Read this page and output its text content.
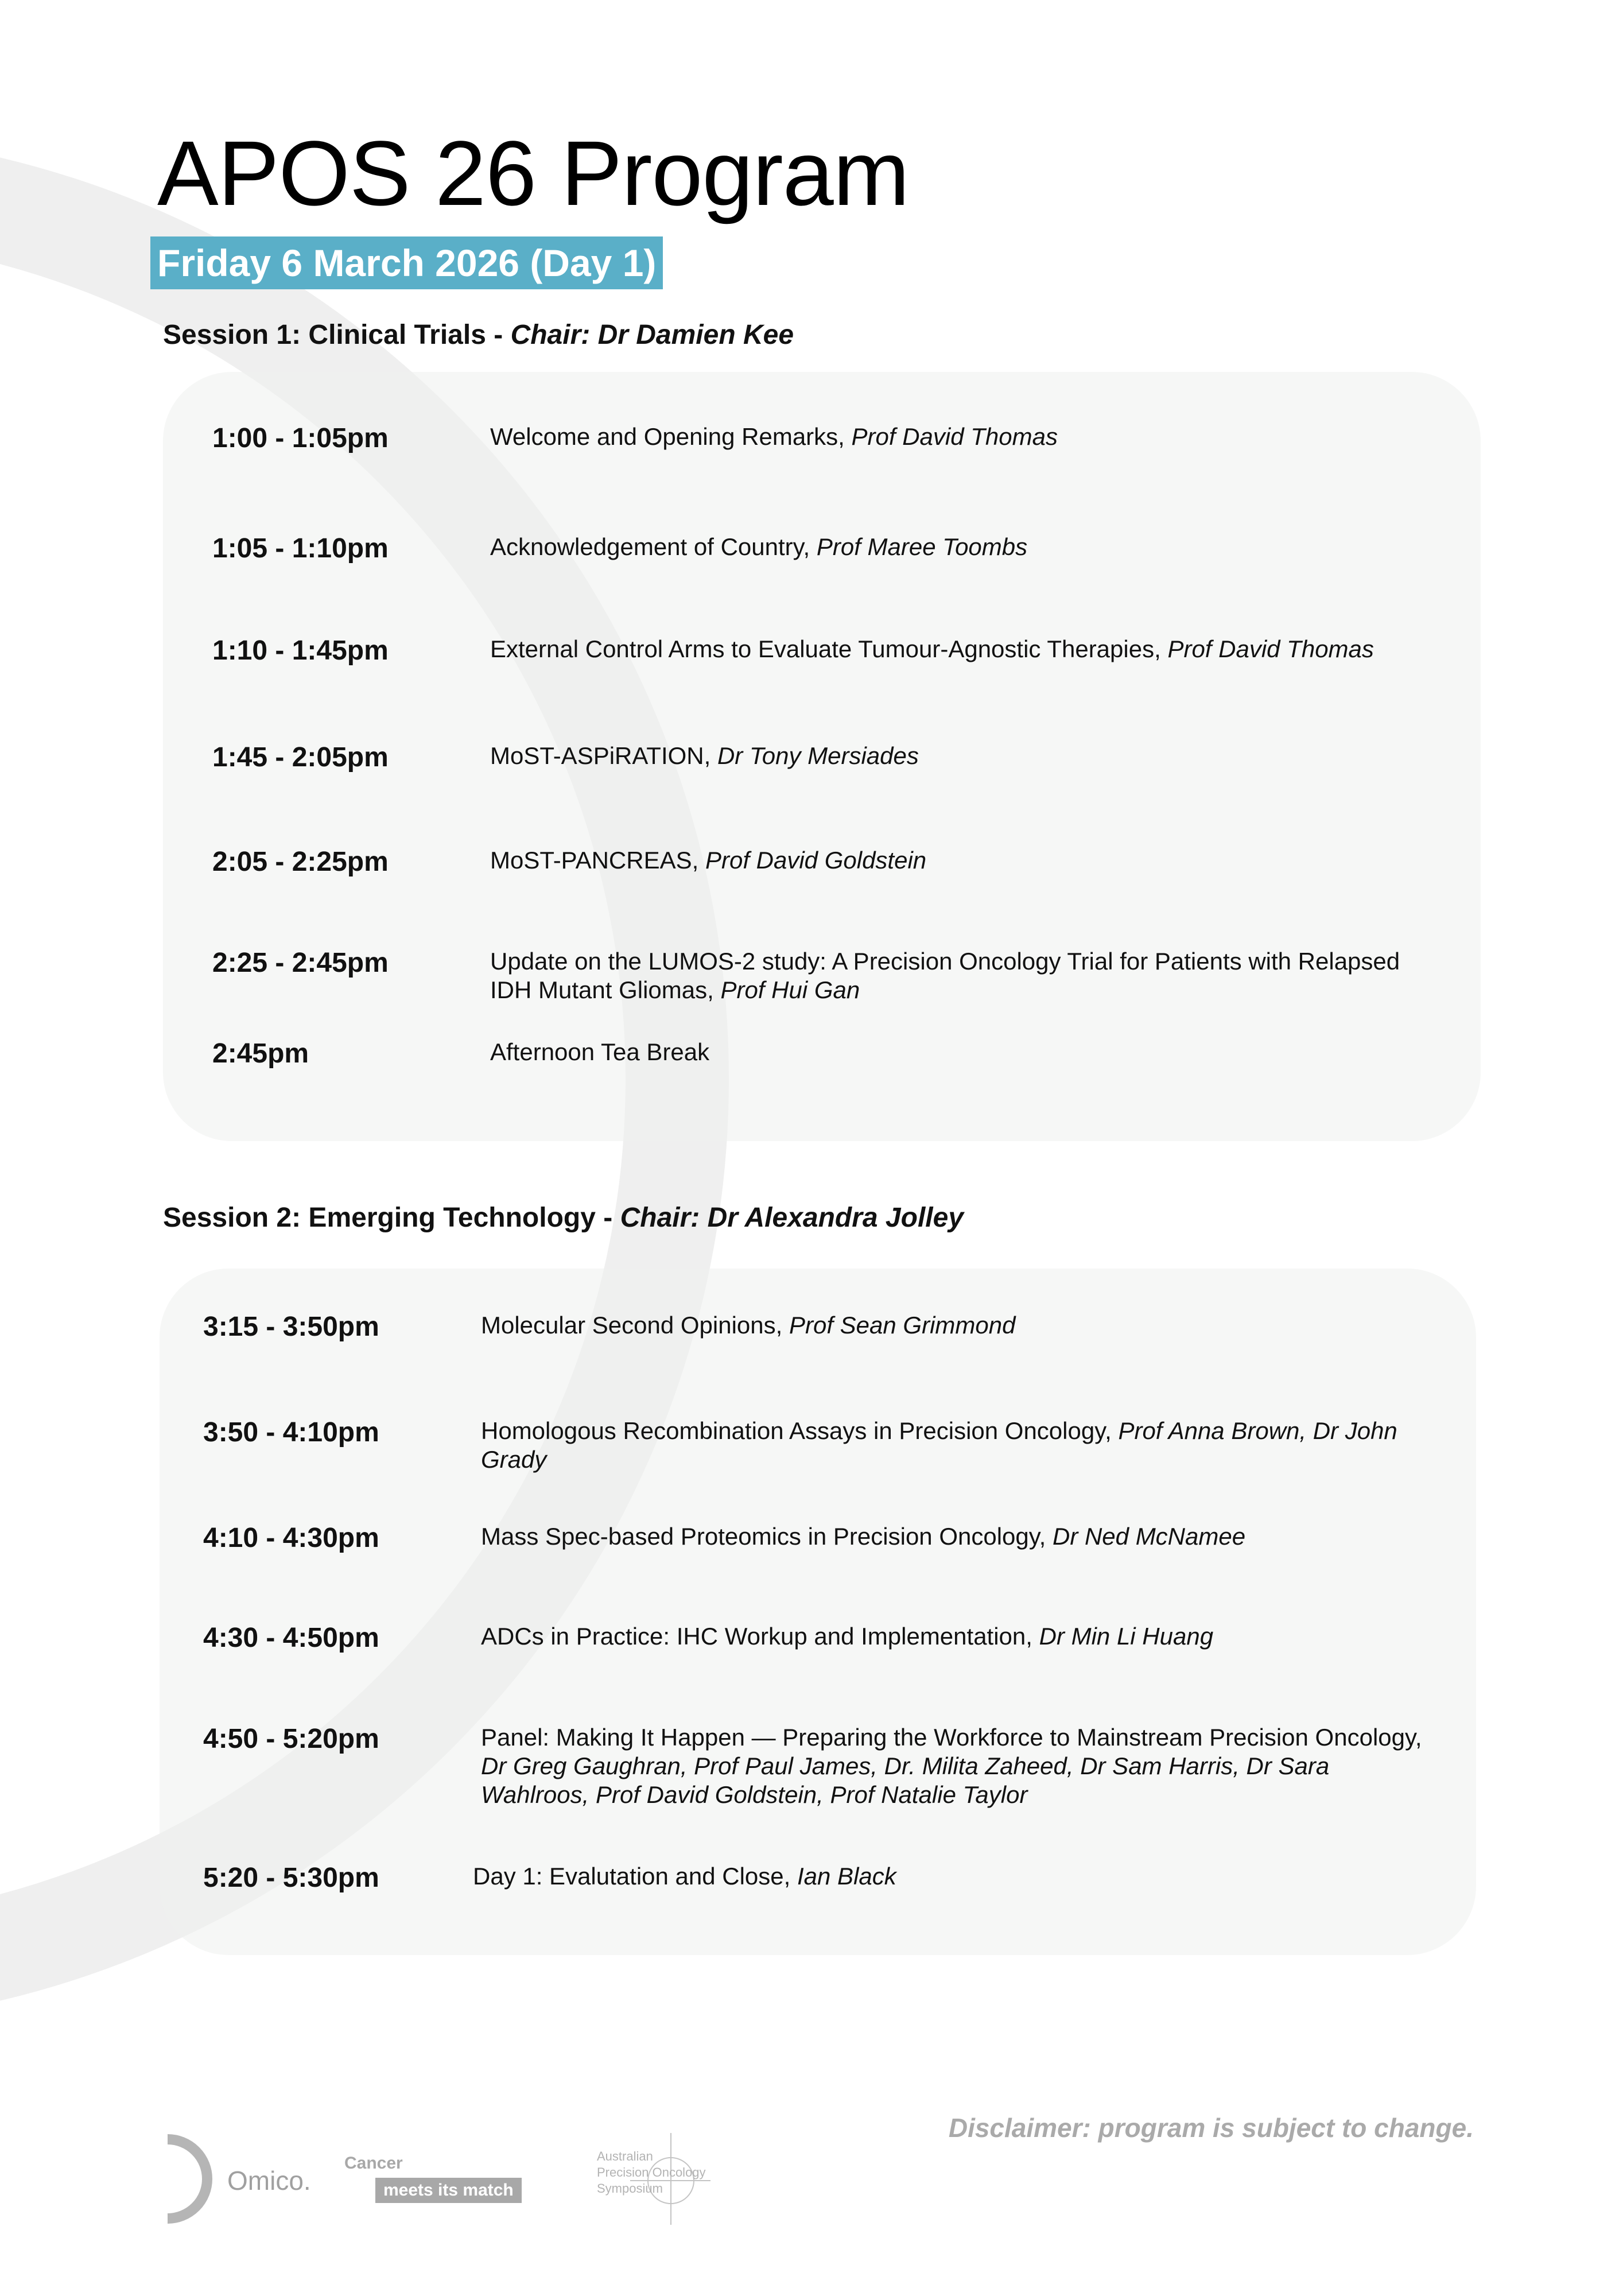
APOS 26 Program
Friday 6 March 2026 (Day 1)
Session 1: Clinical Trials - Chair: Dr Damien Kee
1:00 - 1:05pm	Welcome and Opening Remarks, Prof David Thomas
1:05 - 1:10pm	Acknowledgement of Country, Prof Maree Toombs
1:10 - 1:45pm	External Control Arms to Evaluate Tumour-Agnostic Therapies, Prof David Thomas
1:45 - 2:05pm	MoST-ASPiRATION, Dr Tony Mersiades
2:05 - 2:25pm	MoST-PANCREAS, Prof David Goldstein
2:25 - 2:45pm	Update on the LUMOS-2 study: A Precision Oncology Trial for Patients with Relapsed IDH Mutant Gliomas, Prof Hui Gan
2:45pm	Afternoon Tea Break
Session 2: Emerging Technology - Chair: Dr Alexandra Jolley
3:15 - 3:50pm	Molecular Second Opinions, Prof Sean Grimmond
3:50 - 4:10pm	Homologous Recombination Assays in Precision Oncology, Prof Anna Brown, Dr John Grady
4:10 - 4:30pm	Mass Spec-based Proteomics in Precision Oncology, Dr Ned McNamee
4:30 - 4:50pm	ADCs in Practice: IHC Workup and Implementation, Dr Min Li Huang
4:50 - 5:20pm	Panel: Making It Happen — Preparing the Workforce to Mainstream Precision Oncology, Dr Greg Gaughran, Prof Paul James, Dr. Milita Zaheed, Dr Sam Harris, Dr Sara Wahlroos, Prof David Goldstein, Prof Natalie Taylor
5:20 - 5:30pm	Day 1: Evalutation and Close, Ian Black
Disclaimer: program is subject to change.
Omico.
Cancer
meets its match
Australian
Precision Oncology
Symposium
